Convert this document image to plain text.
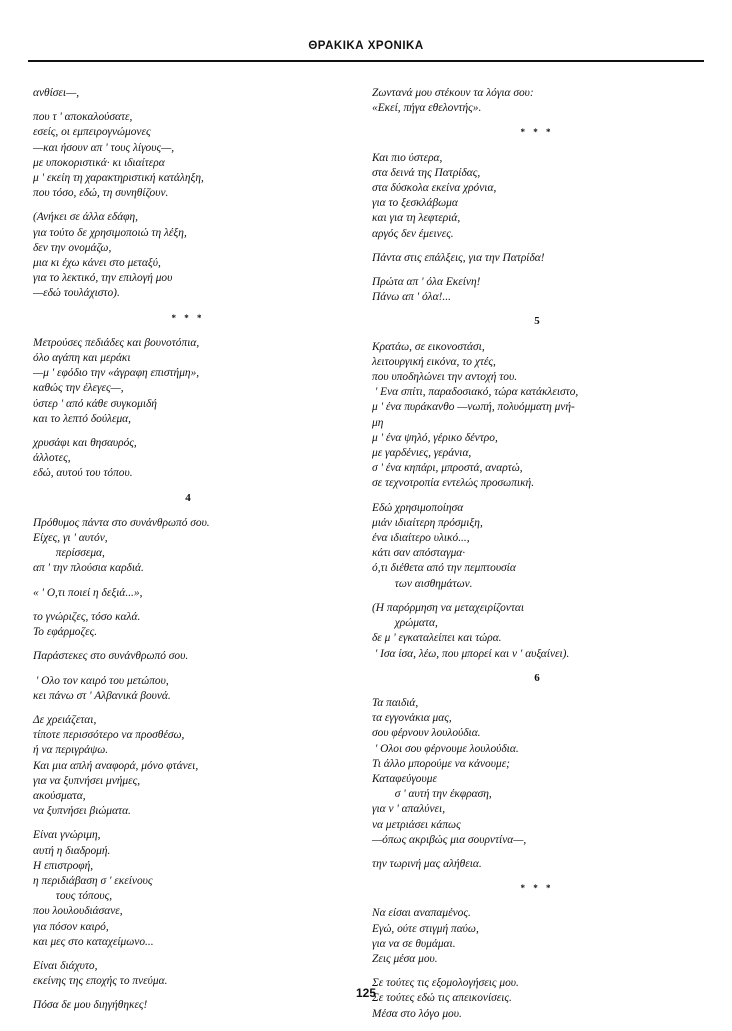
ΘΡΑΚΙΚΑ ΧΡΟΝΙΚΑ
ανθίσει—,
που τ ' αποκαλούσατε,
εσείς, οι εμπειρογνώμονες
—και ήσουν απ ' τους λίγους—,
με υποκοριστικά· κι ιδιαίτερα
μ ' εκείη τη χαρακτηριστική κατάληξη,
που τόσο, εδώ, τη συνηθίζουν.
(Ανήκει σε άλλα εδάφη,
για τούτο δε χρησιμοποιώ τη λέξη,
δεν την ονομάζω,
μια κι έχω κάνει στο μεταξύ,
για το λεκτικό, την επιλογή μου
—εδώ τουλάχιστο).
* * *
Μετρούσες πεδιάδες και βουνοτόπια,
όλο αγάπη και μεράκι
—μ ' εφόδιο την «άγραφη επιστήμη»,
καθώς την έλεγες—,
ύστερ ' από κάθε συγκομιδή
και το λεπτό δούλεμα,
χρυσάφι και θησαυρός,
άλλοτες,
εδώ, αυτού του τόπου.
4
Πρόθυμος πάντα στο συνάνθρωπό σου.
Είχες, γι ' αυτόν,
περίσσεμα,
απ ' την πλούσια καρδιά.
« ' Ο,τι ποιεί η δεξιά...»,
το γνώριζες, τόσο καλά.
Το εφάρμοζες.
Παράστεκες στο συνάνθρωπό σου.
' Ολο τον καιρό του μετώπου,
κει πάνω στ ' Αλβανικά βουνά.
Δε χρειάζεται,
τίποτε περισσότερο να προσθέσω,
ή να περιγράψω.
Και μια απλή αναφορά, μόνο φτάνει,
για να ξυπνήσει μνήμες,
ακούσματα,
να ξυπνήσει βιώματα.
Είναι γνώριμη,
αυτή η διαδρομή.
Η επιστροφή,
η περιδιάβαση σ ' εκείνους
τους τόπους,
που λουλουδιάσανε,
για πόσον καιρό,
και μες στο καταχείμωνο...
Είναι διάχυτο,
εκείνης της εποχής το πνεύμα.
Πόσα δε μου διηγήθηκες!
Ζωντανά μου στέκουν τα λόγια σου:
«Εκεί, πήγα εθελοντής».
* * *
Και πιο ύστερα,
στα δεινά της Πατρίδας,
στα δύσκολα εκείνα χρόνια,
για το ξεσκλάβωμα
και για τη λεφτεριά,
αργός δεν έμεινες.
Πάντα στις επάλξεις, για την Πατρίδα!
Πρώτα απ ' όλα Εκείνη!
Πάνω απ ' όλα!...
5
Κρατάω, σε εικονοστάσι,
λειτουργική εικόνα, το χτές,
που υποδηλώνει την αντοχή του.
' Ενα σπίτι, παραδοσιακό, τώρα κατάκλειστο,
μ ' ένα πυράκανθο —νωπή, πολυόμματη μνή-
μη
μ ' ένα ψηλό, γέρικο δέντρο,
με γαρδένιες, γεράνια,
σ ' ένα κηπάρι, μπροστά, αναρτώ,
σε τεχνοτροπία εντελώς προσωπική.
Εδώ χρησιμοποίησα
μιάν ιδιαίτερη πρόσμιξη,
ένα ιδιαίτερο υλικό...,
κάτι σαν απόσταγμα·
ό,τι διέθετα από την πεμπτουσία
των αισθημάτων.
(Η παρόρμηση να μεταχειρίζονται
χρώματα,
δε μ ' εγκαταλείπει και τώρα.
' Ισα ίσα, λέω, που μπορεί και ν ' αυξαίνει).
6
Τα παιδιά,
τα εγγονάκια μας,
σου φέρνουν λουλούδια.
' Ολοι σου φέρνουμε λουλούδια.
Τι άλλο μπορούμε να κάνουμε;
Καταφεύγουμε
σ ' αυτή την έκφραση,
για ν ' απαλύνει,
να μετριάσει κάπως
—όπως ακριβώς μια σουρντίνα—,
την τωρινή μας αλήθεια.
* * *
Να είσαι αναπαμένος.
Εγώ, ούτε στιγμή παύω,
για να σε θυμάμαι.
Ζεις μέσα μου.
Σε τούτες τις εξομολογήσεις μου.
Σε τούτες εδώ τις απεικονίσεις.
Μέσα στο λόγο μου.
125
